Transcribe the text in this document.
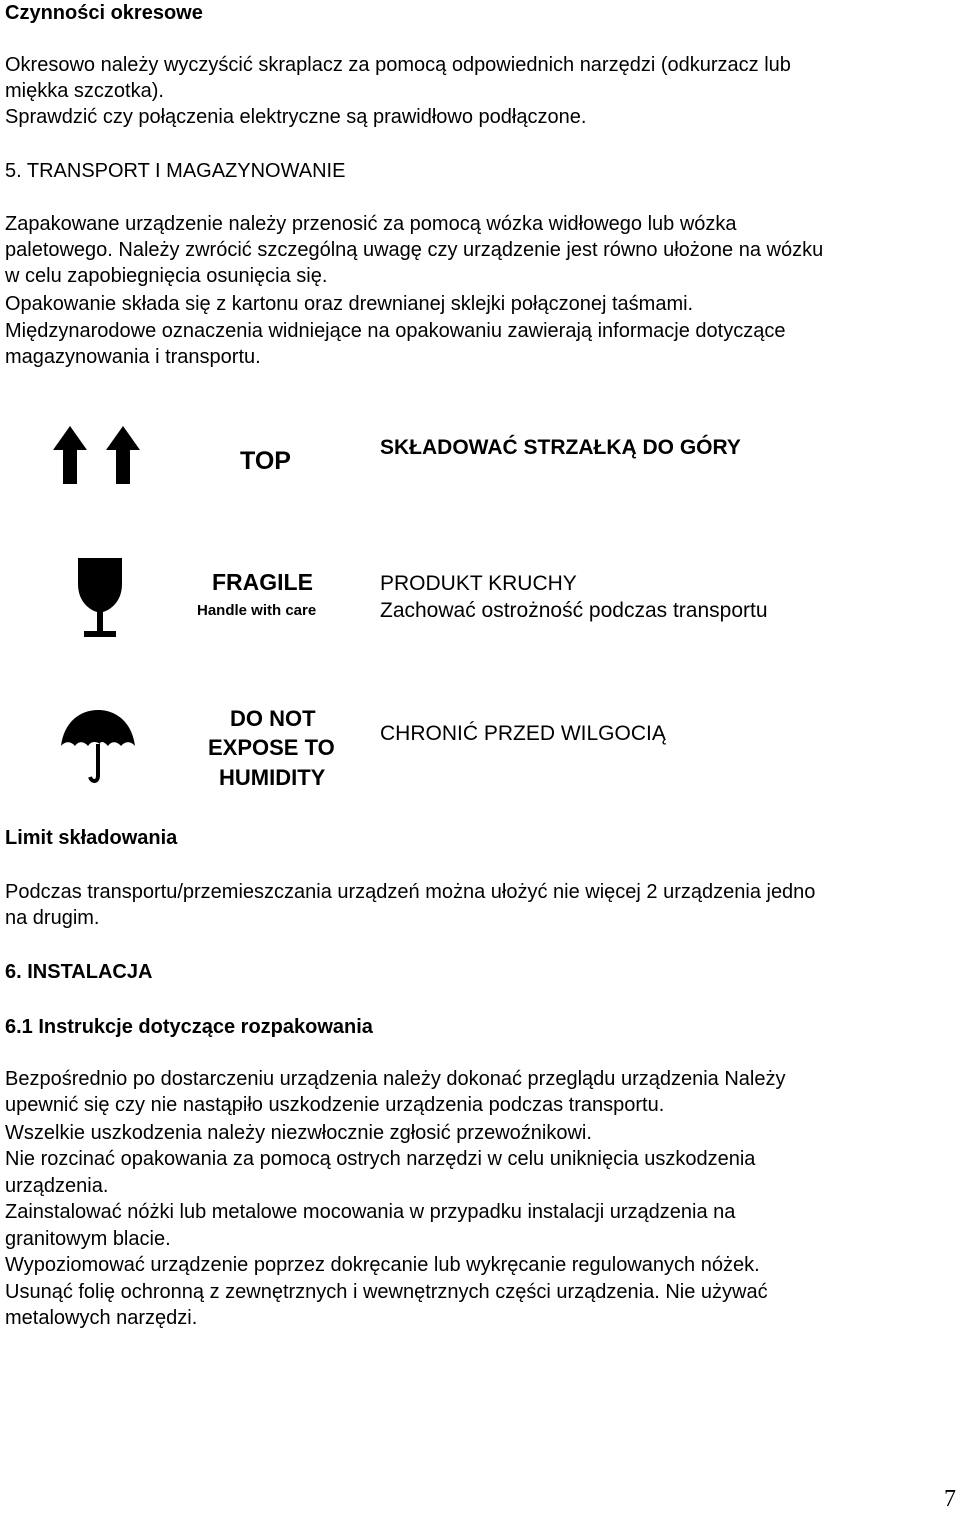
Czynności okresowe

Okresowo należy wyczyścić skraplacz za pomocą odpowiednich narzędzi (odkurzacz lub

miękka szczotka).

Sprawdzić czy połączenia elektryczne są prawidłowo podłączone.

5. TRANSPORT I MAGAZYNOWANIE

Zapakowane urządzenie należy przenosić za pomocą wózka widłowego lub wózka

paletowego. Należy zwrócić szczególną uwagę czy urządzenie jest równo ułożone na wózku

w celu zapobiegnięcia osunięcia się.

Opakowanie składa się z kartonu oraz drewnianej sklejki połączonej taśmami.

Międzynarodowe oznaczenia widniejące na opakowaniu zawierają informacje dotyczące

magazynowania i transportu.

TOP	SKŁADOWAĆ STRZAŁKĄ DO GÓRY
FRAGILE
Handle with care
PRODUKT KRUCHY
Zachować ostrożność podczas transportu
DO NOT
EXPOSE TO
HUMIDITY
CHRONIĆ PRZED WILGOCIĄ

Limit składowania

Podczas transportu/przemieszczania urządzeń można ułożyć nie więcej 2 urządzenia jedno

na drugim.

6. INSTALACJA

6.1 Instrukcje dotyczące rozpakowania

Bezpośrednio po dostarczeniu urządzenia należy dokonać przeglądu urządzenia Należy

upewnić się czy nie nastąpiło uszkodzenie urządzenia podczas transportu.

Wszelkie uszkodzenia należy niezwłocznie zgłosić przewoźnikowi.

Nie rozcinać opakowania za pomocą ostrych narzędzi w celu uniknięcia uszkodzenia

urządzenia.

Zainstalować nóżki lub metalowe mocowania w przypadku instalacji urządzenia na

granitowym blacie.

Wypoziomować urządzenie poprzez dokręcanie lub wykręcanie regulowanych nóżek.

Usunąć folię ochronną z zewnętrznych i wewnętrznych części urządzenia. Nie używać

metalowych narzędzi.

7
